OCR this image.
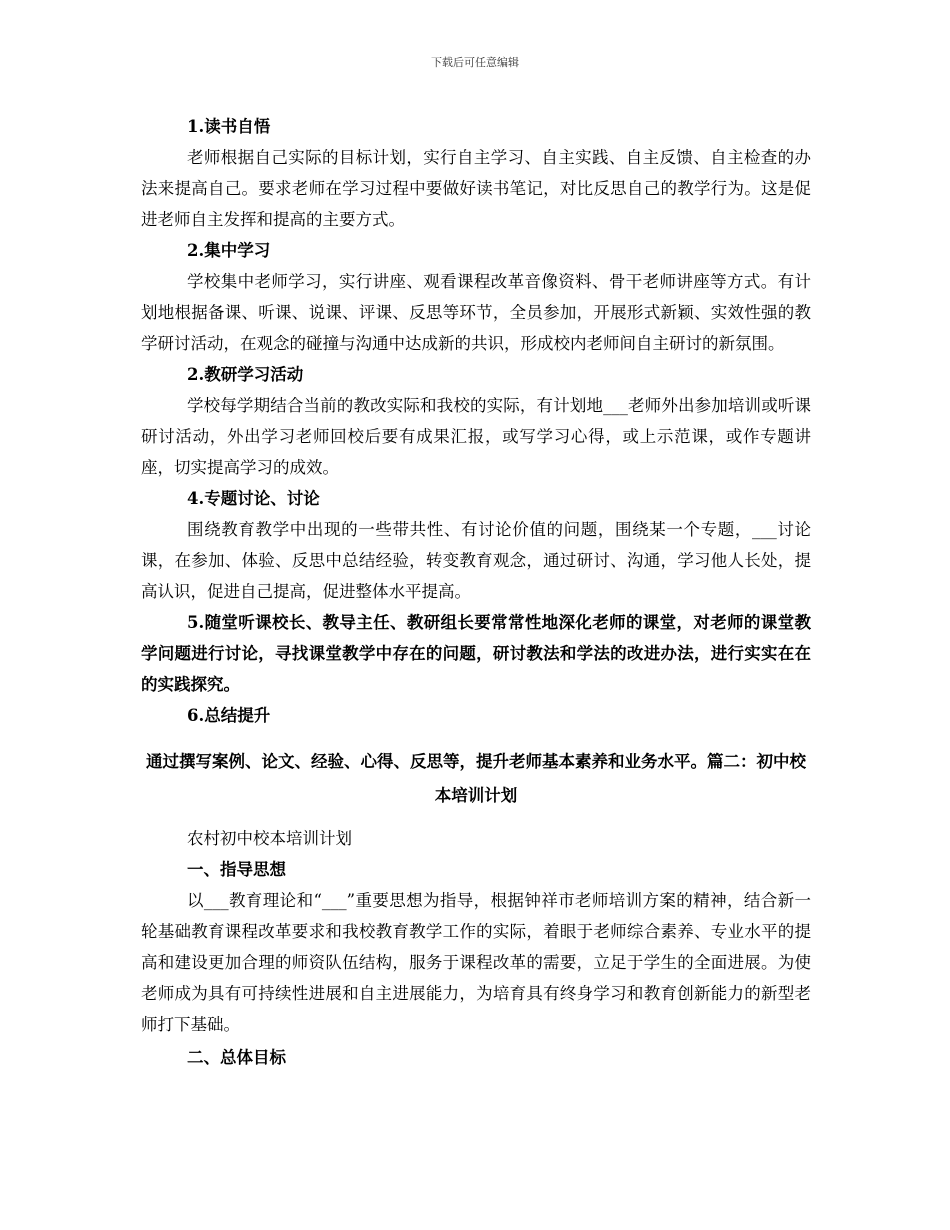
下载后可任意编辑
1.读书自悟

老师根据自己实际的目标计划，实行自主学习、自主实践、自主反馈、自主检查的办法来提高自己。要求老师在学习过程中要做好读书笔记，对比反思自己的教学行为。这是促进老师自主发挥和提高的主要方式。

2.集中学习

学校集中老师学习，实行讲座、观看课程改革音像资料、骨干老师讲座等方式。有计划地根据备课、听课、说课、评课、反思等环节，全员参加，开展形式新颖、实效性强的教学研讨活动，在观念的碰撞与沟通中达成新的共识，形成校内老师间自主研讨的新氛围。

2.教研学习活动

学校每学期结合当前的教改实际和我校的实际，有计划地___老师外出参加培训或听课研讨活动，外出学习老师回校后要有成果汇报，或写学习心得，或上示范课，或作专题讲座，切实提高学习的成效。

4.专题讨论、讨论

围绕教育教学中出现的一些带共性、有讨论价值的问题，围绕某一个专题，___讨论课，在参加、体验、反思中总结经验，转变教育观念，通过研讨、沟通，学习他人长处，提高认识，促进自己提高，促进整体水平提高。

5.随堂听课校长、教导主任、教研组长要常常性地深化老师的课堂，对老师的课堂教学问题进行讨论，寻找课堂教学中存在的问题，研讨教法和学法的改进办法，进行实实在在的实践探究。

6.总结提升
通过撰写案例、论文、经验、心得、反思等，提升老师基本素养和业务水平。篇二：初中校本培训计划
农村初中校本培训计划
一、指导思想

以___教育理论和“___”重要思想为指导，根据钟祥市老师培训方案的精神，结合新一轮基础教育课程改革要求和我校教育教学工作的实际，着眼于老师综合素养、专业水平的提高和建设更加合理的师资队伍结构，服务于课程改革的需要，立足于学生的全面进展。为使老师成为具有可持续性进展和自主进展能力，为培育具有终身学习和教育创新能力的新型老师打下基础。

二、总体目标
